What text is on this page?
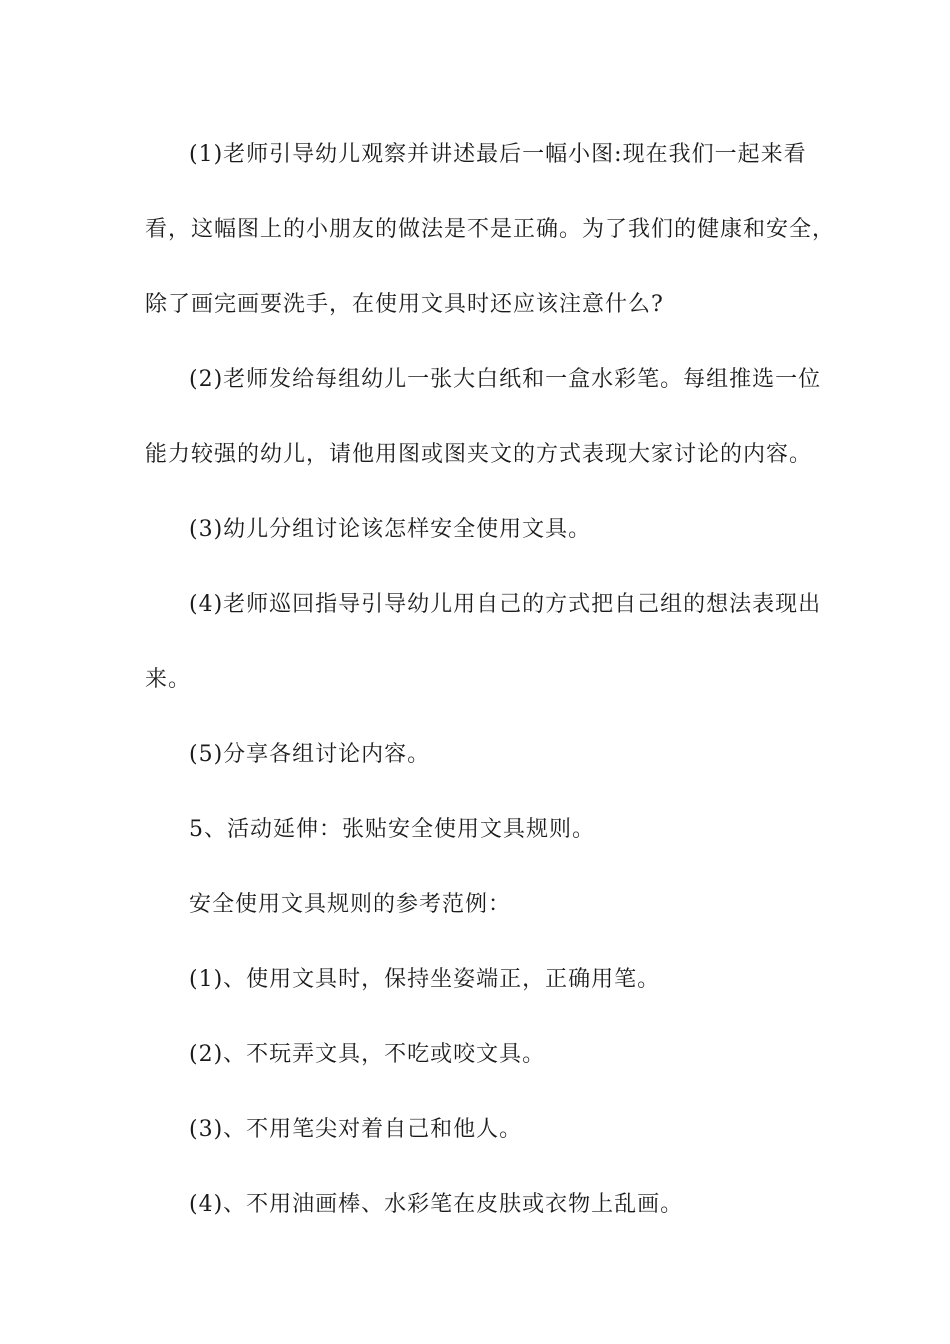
(1)老师引导幼儿观察并讲述最后一幅小图:现在我们一起来看

看，这幅图上的小朋友的做法是不是正确。为了我们的健康和安全，

除了画完画要洗手，在使用文具时还应该注意什么?

(2)老师发给每组幼儿一张大白纸和一盒水彩笔。每组推选一位

能力较强的幼儿，请他用图或图夹文的方式表现大家讨论的内容。

(3)幼儿分组讨论该怎样安全使用文具。

(4)老师巡回指导引导幼儿用自己的方式把自己组的想法表现出

来。

(5)分享各组讨论内容。

5、活动延伸：张贴安全使用文具规则。

安全使用文具规则的参考范例：

(1)、使用文具时，保持坐姿端正，正确用笔。

(2)、不玩弄文具，不吃或咬文具。

(3)、不用笔尖对着自己和他人。

(4)、不用油画棒、水彩笔在皮肤或衣物上乱画。
